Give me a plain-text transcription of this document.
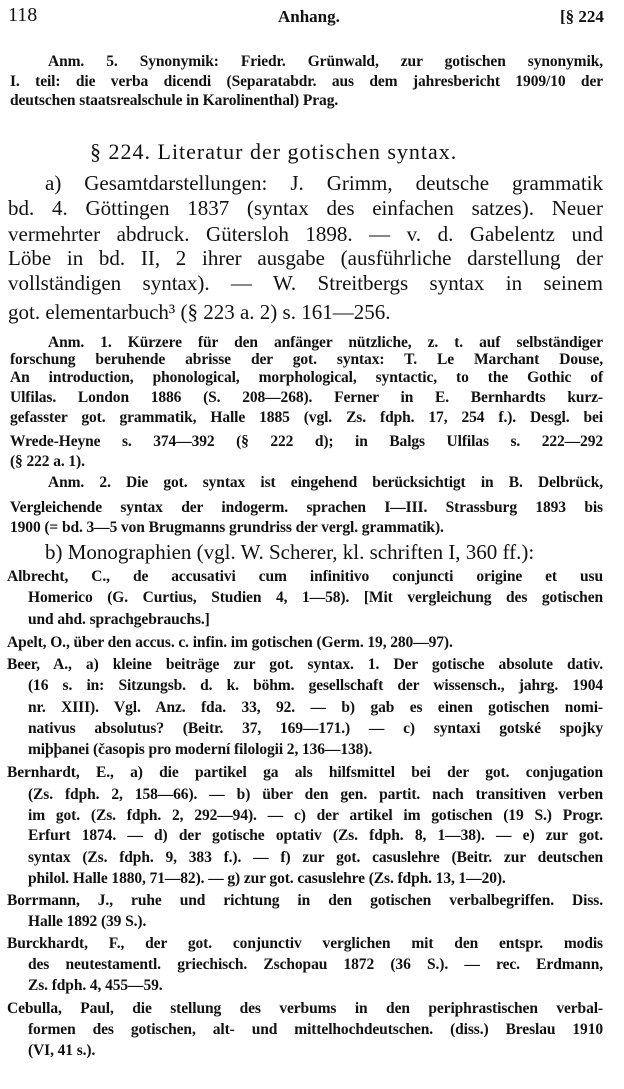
118	Anhang.	[§ 224
Anm. 5. Synonymik: Friedr. Grünwald, zur gotischen synonymik,
I. teil: die verba dicendi (Separatabdr. aus dem jahresbericht 1909/10 der
deutschen staatsrealschule in Karolinenthal) Prag.
§ 224. Literatur der gotischen syntax.
a) Gesamtdarstellungen: J. Grimm, deutsche grammatik
bd. 4. Göttingen 1837 (syntax des einfachen satzes). Neuer
vermehrter abdruck. Gütersloh 1898. — v. d. Gabelentz und
Löbe in bd. II, 2 ihrer ausgabe (ausführliche darstellung der
vollständigen syntax). — W. Streitbergs syntax in seinem
got. elementarbuch³ (§ 223 a. 2) s. 161—256.
Anm. 1. Kürzere für den anfänger nützliche, z. t. auf selbständiger
forschung beruhende abrisse der got. syntax: T. Le Marchant Douse,
An introduction, phonological, morphological, syntactic, to the Gothic of
Ulfilas. London 1886 (S. 208—268). Ferner in E. Bernhardts kurz-
gefasster got. grammatik, Halle 1885 (vgl. Zs. fdph. 17, 254 f.). Desgl. bei
Wrede-Heyne s. 374—392 (§ 222 d); in Balgs Ulfilas s. 222—292
(§ 222 a. 1).
Anm. 2. Die got. syntax ist eingehend berücksichtigt in B. Delbrück,
Vergleichende syntax der indogerm. sprachen I—III. Strassburg 1893 bis
1900 (= bd. 3—5 von Brugmanns grundriss der vergl. grammatik).
b) Monographien (vgl. W. Scherer, kl. schriften I, 360 ff.):
Albrecht, C., de accusativi cum infinitivo conjuncti origine et usu
Homerico (G. Curtius, Studien 4, 1—58). [Mit vergleichung des gotischen
und ahd. sprachgebrauchs.]
Apelt, O., über den accus. c. infin. im gotischen (Germ. 19, 280—97).
Beer, A., a) kleine beiträge zur got. syntax. 1. Der gotische absolute dativ.
(16 s. in: Sitzungsb. d. k. böhm. gesellschaft der wissensch., jahrg. 1904
nr. XIII). Vgl. Anz. fda. 33, 92. — b) gab es einen gotischen nomi-
nativus absolutus? (Beitr. 37, 169—171.) — c) syntaxi gotské spojky
miþþanei (časopis pro moderní filologii 2, 136—138).
Bernhardt, E., a) die partikel ga als hilfsmittel bei der got. conjugation
(Zs. fdph. 2, 158—66). — b) über den gen. partit. nach transitiven verben
im got. (Zs. fdph. 2, 292—94). — c) der artikel im gotischen (19 S.) Progr.
Erfurt 1874. — d) der gotische optativ (Zs. fdph. 8, 1—38). — e) zur got.
syntax (Zs. fdph. 9, 383 f.). — f) zur got. casuslehre (Beitr. zur deutschen
philol. Halle 1880, 71—82). — g) zur got. casuslehre (Zs. fdph. 13, 1—20).
Borrmann, J., ruhe und richtung in den gotischen verbalbegriffen. Diss.
Halle 1892 (39 S.).
Burckhardt, F., der got. conjunctiv verglichen mit den entspr. modis
des neutestamentl. griechisch. Zschopau 1872 (36 S.). — rec. Erdmann,
Zs. fdph. 4, 455—59.
Cebulla, Paul, die stellung des verbums in den periphrastischen verbal-
formen des gotischen, alt- und mittelhochdeutschen. (diss.) Breslau 1910
(VI, 41 s.).
